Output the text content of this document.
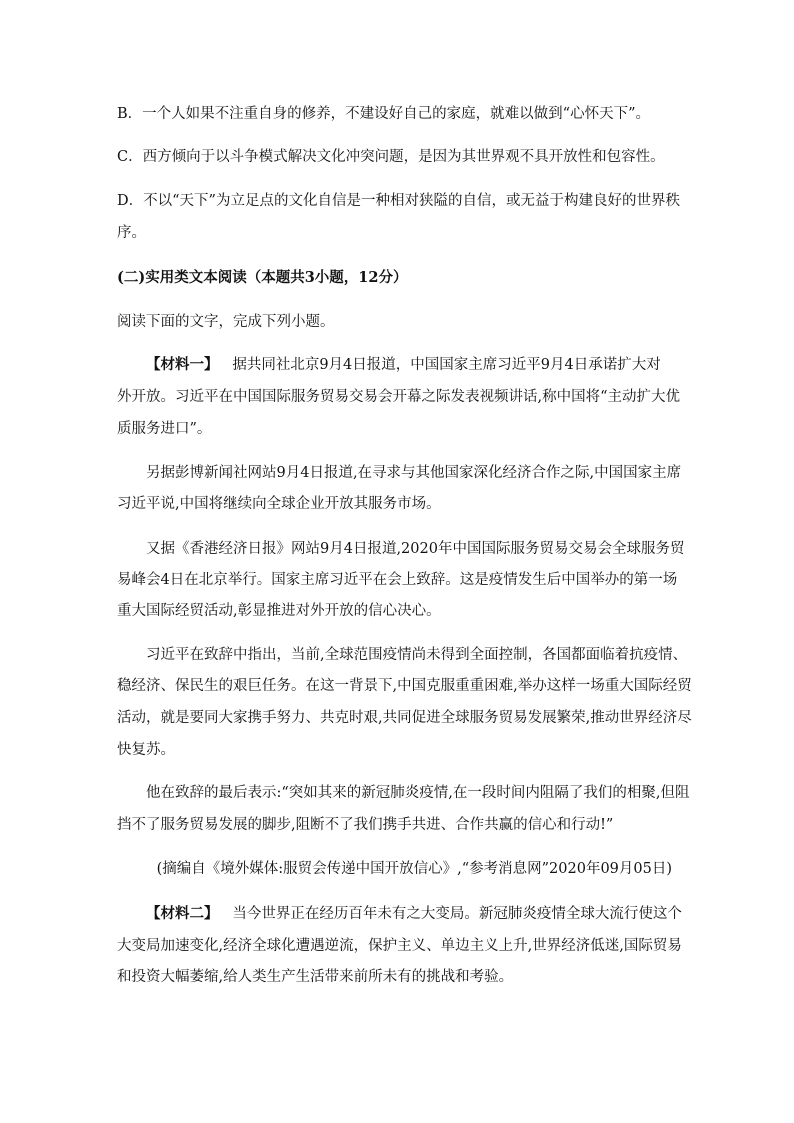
B．一个人如果不注重自身的修养，不建设好自己的家庭，就难以做到“心怀天下”。
C．西方倾向于以斗争模式解决文化冲突问题，是因为其世界观不具开放性和包容性。
D．不以“天下”为立足点的文化自信是一种相对狭隘的自信，或无益于构建良好的世界秩
序。
(二)实用类文本阅读（本题共3小题，12分）
阅读下面的文字，完成下列小题。
【材料一】 据共同社北京9月4日报道，中国国家主席习近平9月4日承诺扩大对
外开放。习近平在中国国际服务贸易交易会开幕之际发表视频讲话,称中国将“主动扩大优
质服务进口”。
另据彭博新闻社网站9月4日报道,在寻求与其他国家深化经济合作之际,中国国家主席
习近平说,中国将继续向全球企业开放其服务市场。
又据《香港经济日报》网站9月4日报道,2020年中国国际服务贸易交易会全球服务贸
易峰会4日在北京举行。国家主席习近平在会上致辞。这是疫情发生后中国举办的第一场
重大国际经贸活动,彰显推进对外开放的信心决心。
习近平在致辞中指出，当前,全球范围疫情尚未得到全面控制，各国都面临着抗疫情、
稳经济、保民生的艰巨任务。在这一背景下,中国克服重重困难,举办这样一场重大国际经贸
活动，就是要同大家携手努力、共克时艰,共同促进全球服务贸易发展繁荣,推动世界经济尽
快复苏。
他在致辞的最后表示:“突如其来的新冠肺炎疫情,在一段时间内阻隔了我们的相聚,但阻
挡不了服务贸易发展的脚步,阻断不了我们携手共进、合作共赢的信心和行动!”
(摘编自《境外媒体:服贸会传递中国开放信心》,“参考消息网”2020年09月05日)
【材料二】 当今世界正在经历百年未有之大变局。新冠肺炎疫情全球大流行使这个
大变局加速变化,经济全球化遭遇逆流，保护主义、单边主义上升,世界经济低迷,国际贸易
和投资大幅萎缩,给人类生产生活带来前所未有的挑战和考验。
